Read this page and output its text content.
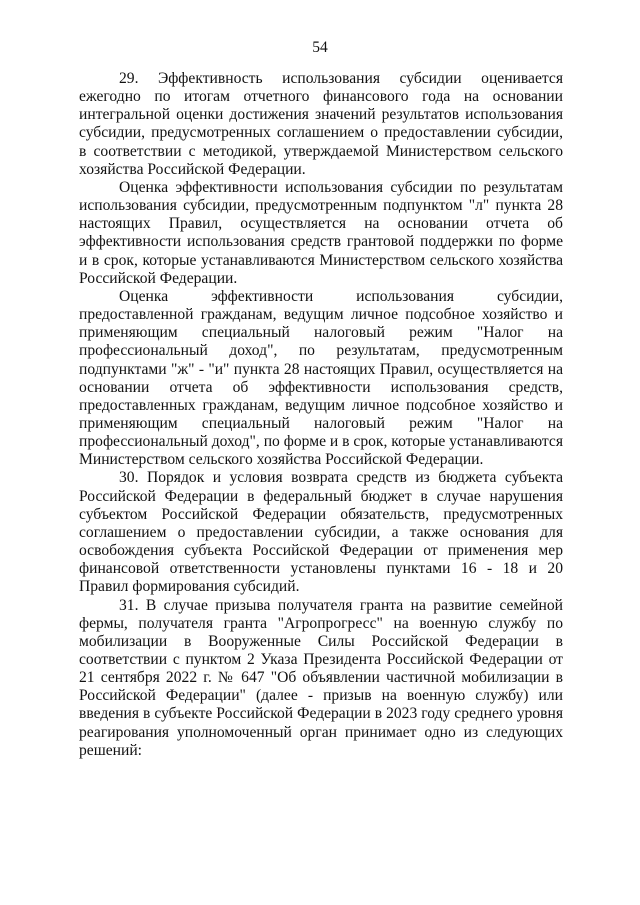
54

29. Эффективность использования субсидии оценивается ежегодно по итогам отчетного финансового года на основании интегральной оценки достижения значений результатов использования субсидии, предусмотренных соглашением о предоставлении субсидии, в соответствии с методикой, утверждаемой Министерством сельского хозяйства Российской Федерации.

Оценка эффективности использования субсидии по результатам использования субсидии, предусмотренным подпунктом "л" пункта 28 настоящих Правил, осуществляется на основании отчета об эффективности использования средств грантовой поддержки по форме и в срок, которые устанавливаются Министерством сельского хозяйства Российской Федерации.

Оценка эффективности использования субсидии, предоставленной гражданам, ведущим личное подсобное хозяйство и применяющим специальный налоговый режим "Налог на профессиональный доход", по результатам, предусмотренным подпунктами "ж" - "и" пункта 28 настоящих Правил, осуществляется на основании отчета об эффективности использования средств, предоставленных гражданам, ведущим личное подсобное хозяйство и применяющим специальный налоговый режим "Налог на профессиональный доход", по форме и в срок, которые устанавливаются Министерством сельского хозяйства Российской Федерации.

30. Порядок и условия возврата средств из бюджета субъекта Российской Федерации в федеральный бюджет в случае нарушения субъектом Российской Федерации обязательств, предусмотренных соглашением о предоставлении субсидии, а также основания для освобождения субъекта Российской Федерации от применения мер финансовой ответственности установлены пунктами 16 - 18 и 20 Правил формирования субсидий.

31. В случае призыва получателя гранта на развитие семейной фермы, получателя гранта "Агропрогресс" на военную службу по мобилизации в Вооруженные Силы Российской Федерации в соответствии с пунктом 2 Указа Президента Российской Федерации от 21 сентября 2022 г. № 647 "Об объявлении частичной мобилизации в Российской Федерации" (далее - призыв на военную службу) или введения в субъекте Российской Федерации в 2023 году среднего уровня реагирования уполномоченный орган принимает одно из следующих решений:
